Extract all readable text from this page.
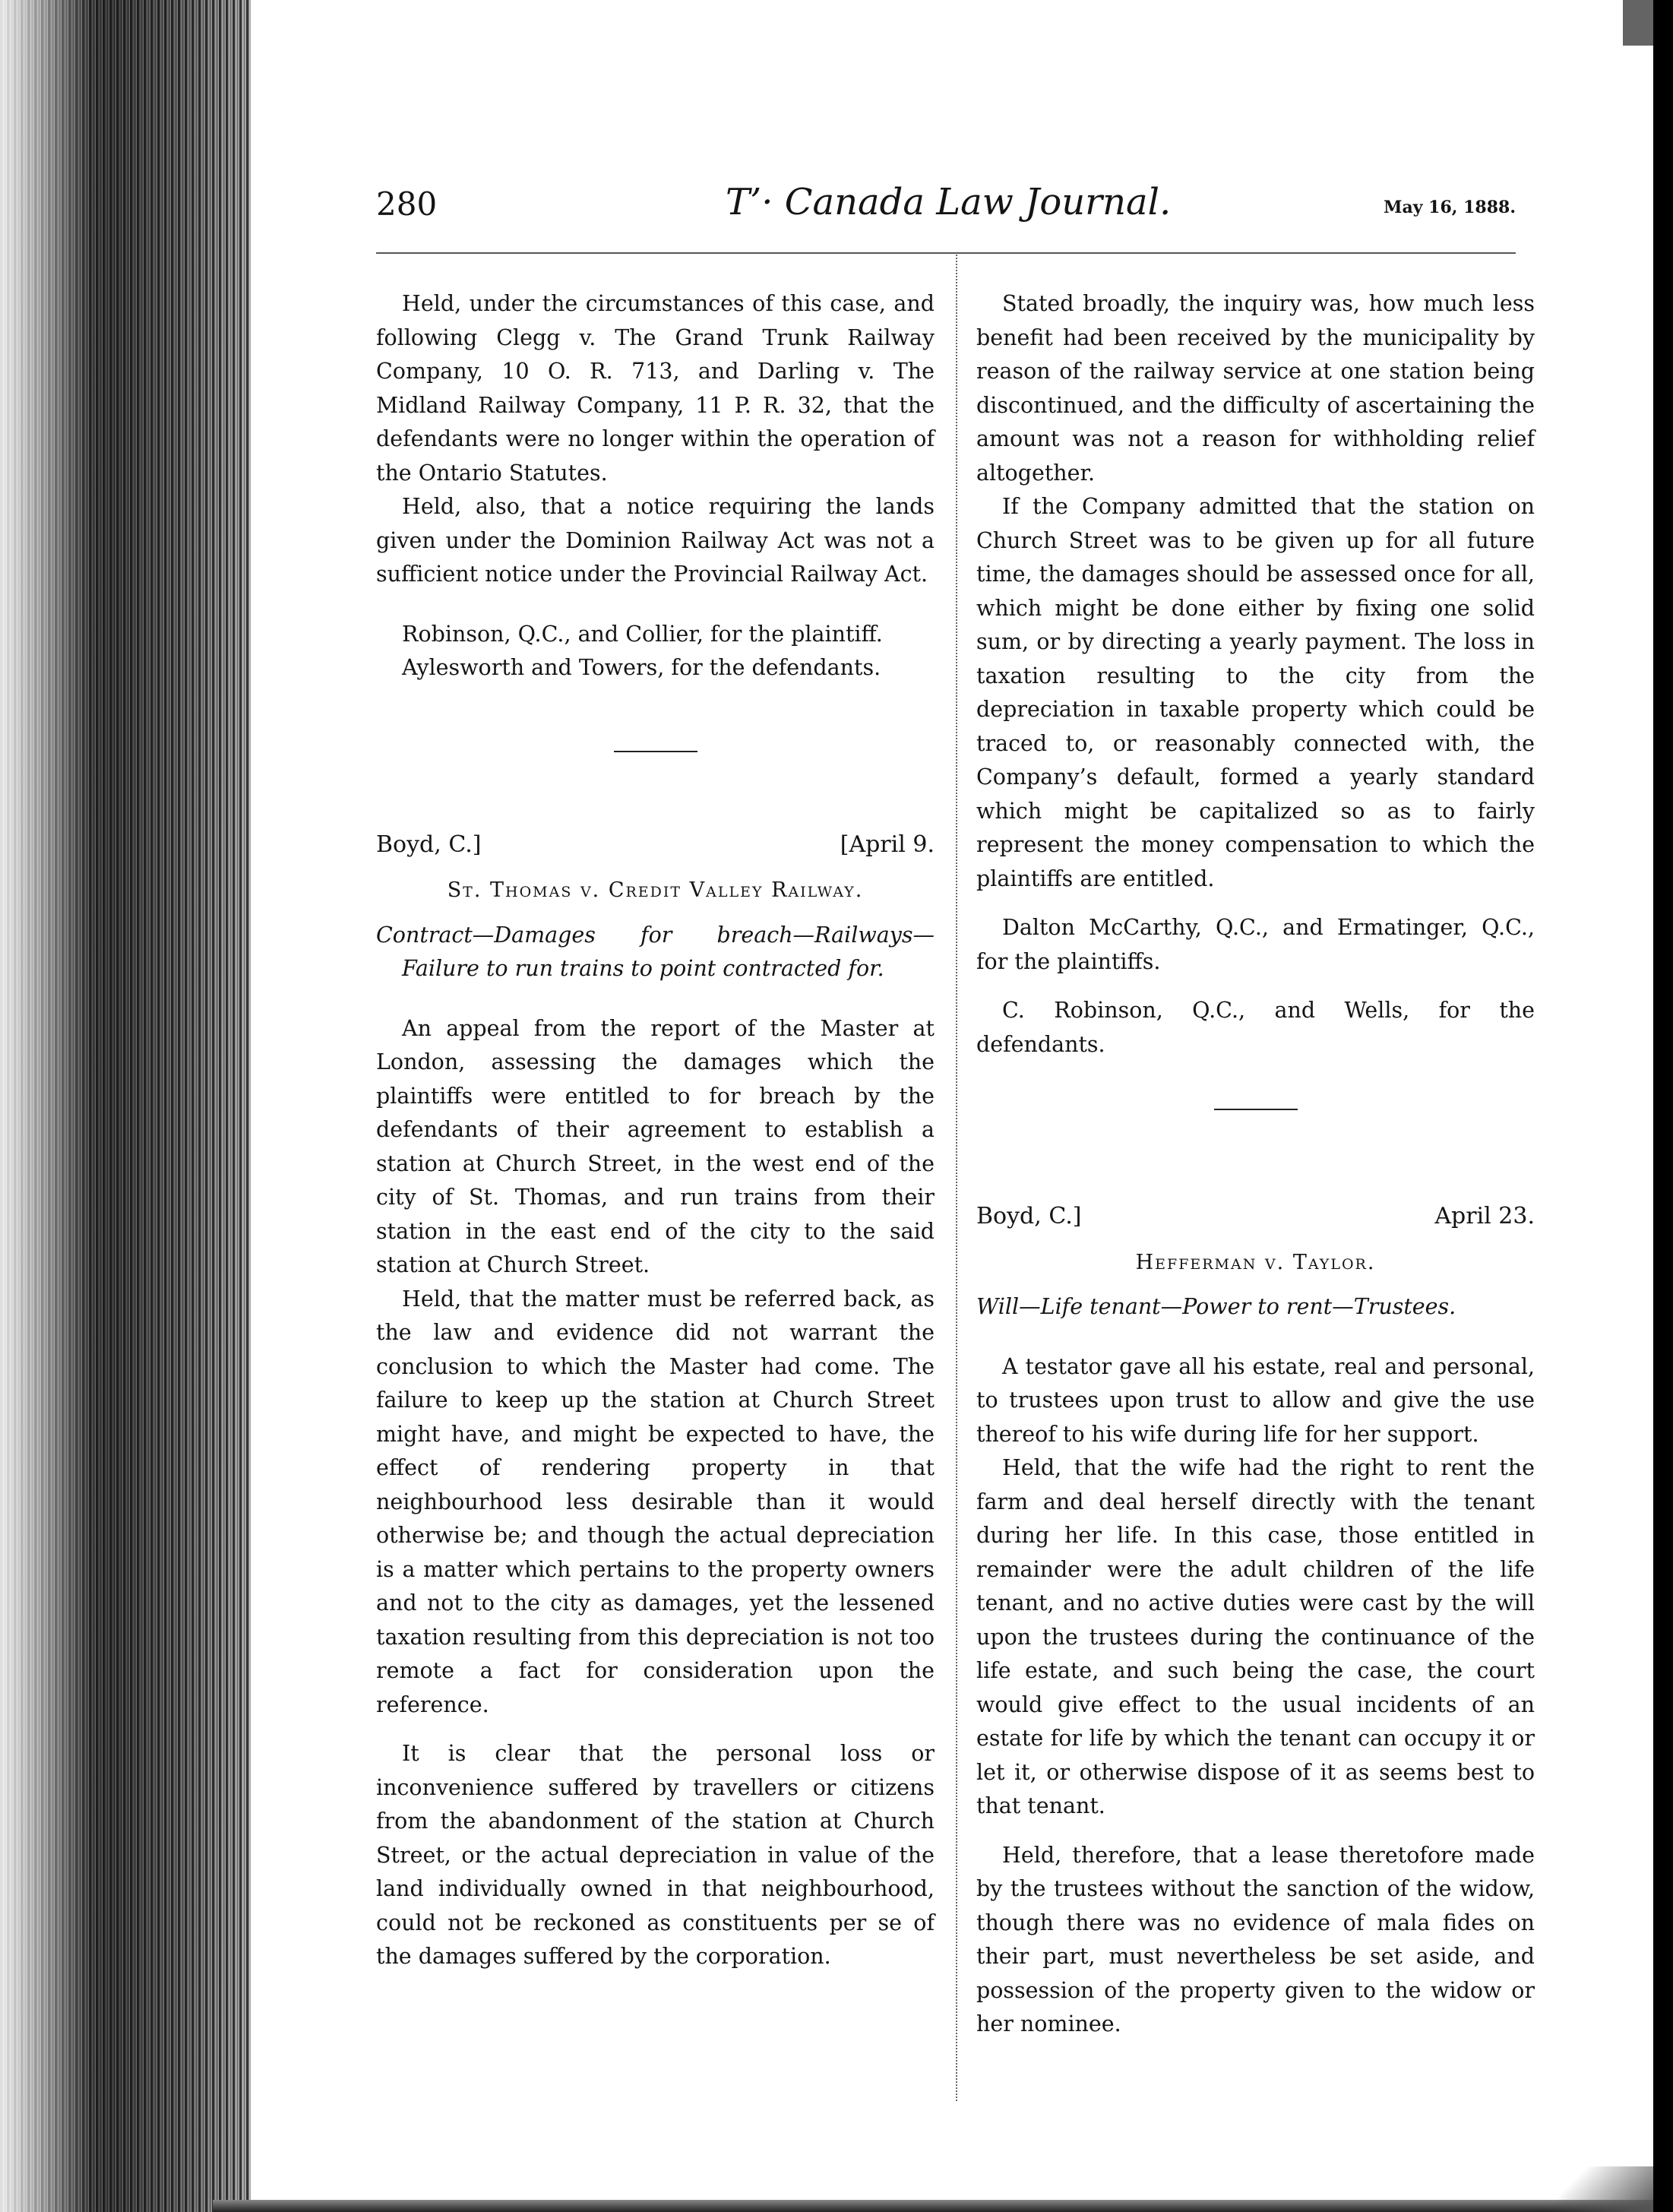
280	T’· Canada Law Journal.	May 16, 1888.

Held, under the circumstances of this case, and following Clegg v. The Grand Trunk Railway Company, 10 O. R. 713, and Darling v. The Midland Railway Company, 11 P. R. 32, that the defendants were no longer within the operation of the Ontario Statutes.

Held, also, that a notice requiring the lands given under the Dominion Railway Act was not a sufficient notice under the Provincial Railway Act.

Robinson, Q.C., and Collier, for the plaintiff.

Aylesworth and Towers, for the defendants.

Boyd, C.]	[April 9.
St. Thomas v. Credit Valley Railway.
Contract—Damages for breach—Railways—Failure to run trains to point contracted for.

An appeal from the report of the Master at London, assessing the damages which the plaintiffs were entitled to for breach by the defendants of their agreement to establish a station at Church Street, in the west end of the city of St. Thomas, and run trains from their station in the east end of the city to the said station at Church Street.

Held, that the matter must be referred back, as the law and evidence did not warrant the conclusion to which the Master had come. The failure to keep up the station at Church Street might have, and might be expected to have, the effect of rendering property in that neighbourhood less desirable than it would otherwise be; and though the actual depreciation is a matter which pertains to the property owners and not to the city as damages, yet the lessened taxation resulting from this depreciation is not too remote a fact for consideration upon the reference.

It is clear that the personal loss or inconvenience suffered by travellers or citizens from the abandonment of the station at Church Street, or the actual depreciation in value of the land individually owned in that neighbourhood, could not be reckoned as constituents per se of the damages suffered by the corporation.

Stated broadly, the inquiry was, how much less benefit had been received by the municipality by reason of the railway service at one station being discontinued, and the difficulty of ascertaining the amount was not a reason for withholding relief altogether.

If the Company admitted that the station on Church Street was to be given up for all future time, the damages should be assessed once for all, which might be done either by fixing one solid sum, or by directing a yearly payment. The loss in taxation resulting to the city from the depreciation in taxable property which could be traced to, or reasonably connected with, the Company’s default, formed a yearly standard which might be capitalized so as to fairly represent the money compensation to which the plaintiffs are entitled.

Dalton McCarthy, Q.C., and Ermatinger, Q.C., for the plaintiffs.

C. Robinson, Q.C., and Wells, for the defendants.

Boyd, C.]	April 23.
Hefferman v. Taylor.
Will—Life tenant—Power to rent—Trustees.

A testator gave all his estate, real and personal, to trustees upon trust to allow and give the use thereof to his wife during life for her support.

Held, that the wife had the right to rent the farm and deal herself directly with the tenant during her life. In this case, those entitled in remainder were the adult children of the life tenant, and no active duties were cast by the will upon the trustees during the continuance of the life estate, and such being the case, the court would give effect to the usual incidents of an estate for life by which the tenant can occupy it or let it, or otherwise dispose of it as seems best to that tenant.

Held, therefore, that a lease theretofore made by the trustees without the sanction of the widow, though there was no evidence of mala fides on their part, must nevertheless be set aside, and possession of the property given to the widow or her nominee.
